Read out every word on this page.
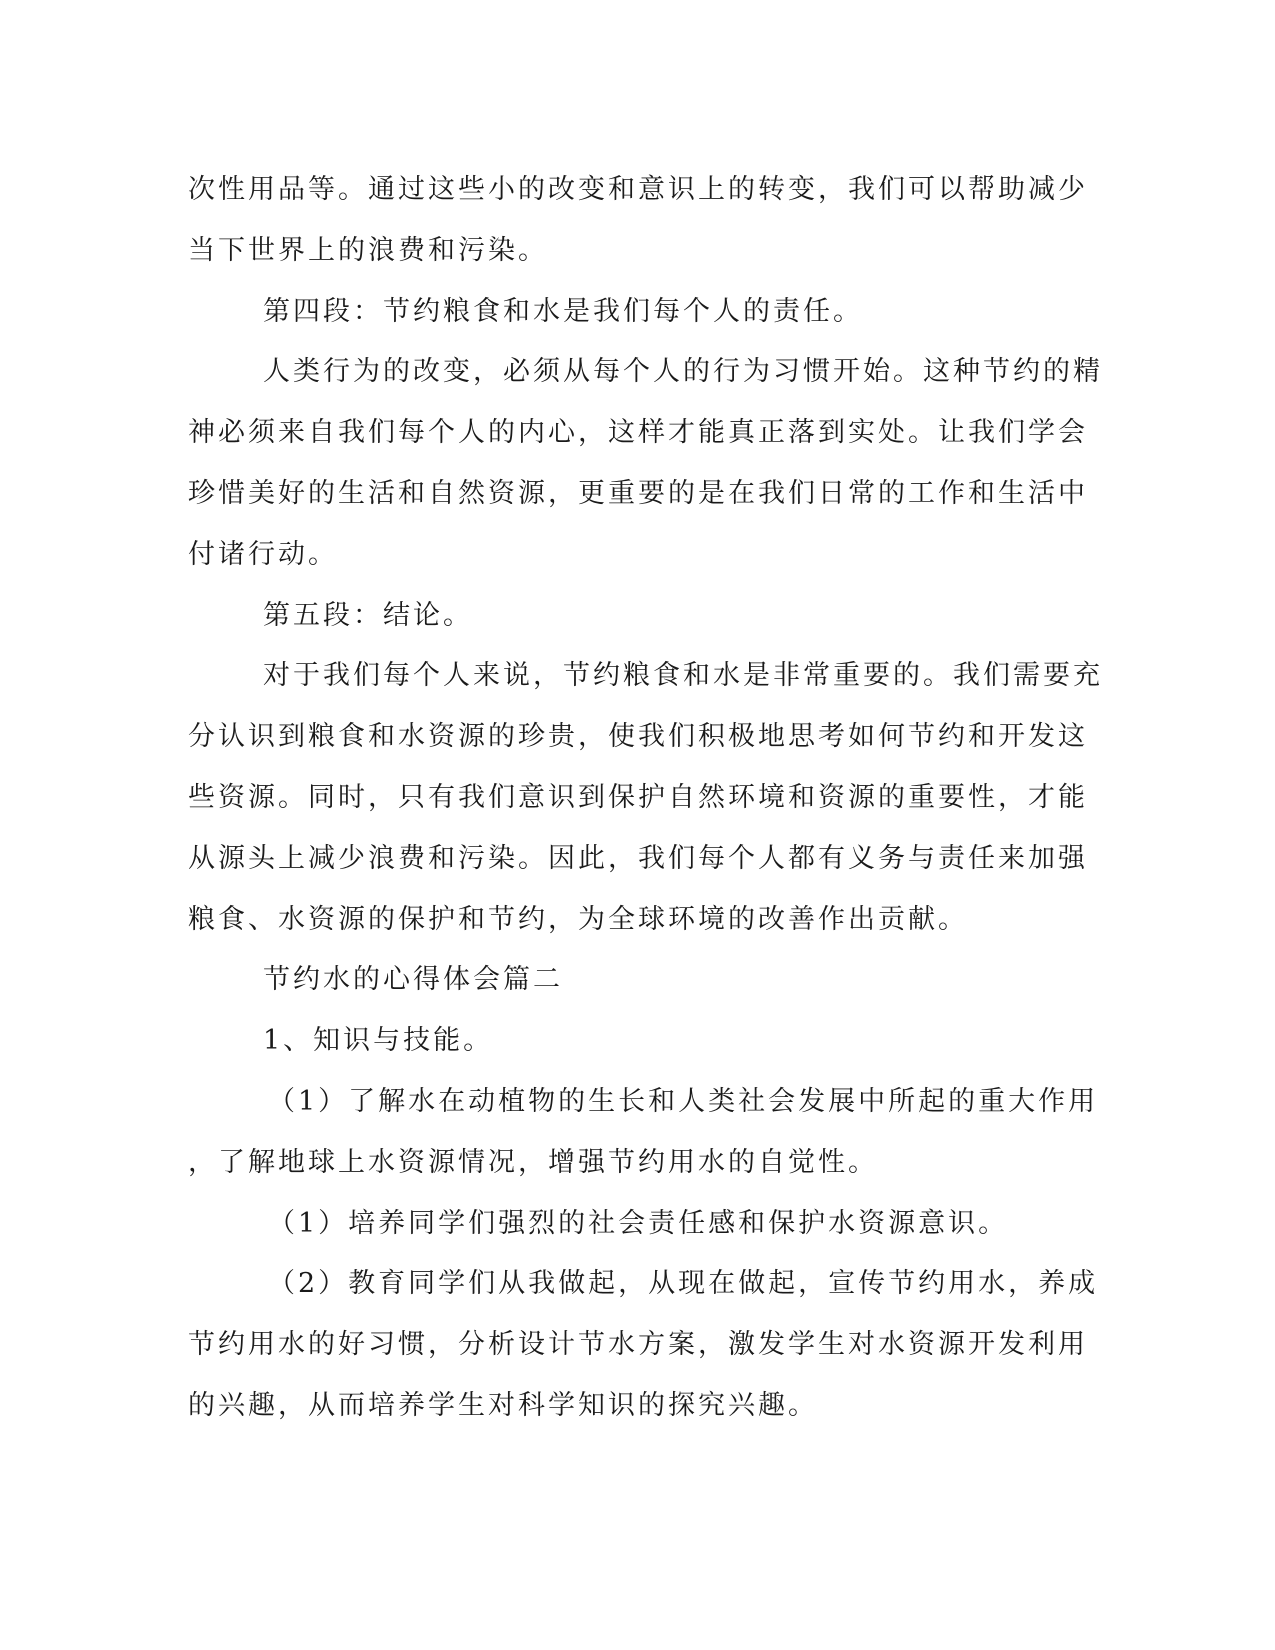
次性用品等。通过这些小的改变和意识上的转变，我们可以帮助减少
当下世界上的浪费和污染。

第四段：节约粮食和水是我们每个人的责任。

人类行为的改变，必须从每个人的行为习惯开始。这种节约的精
神必须来自我们每个人的内心，这样才能真正落到实处。让我们学会
珍惜美好的生活和自然资源，更重要的是在我们日常的工作和生活中
付诸行动。

第五段：结论。

对于我们每个人来说，节约粮食和水是非常重要的。我们需要充
分认识到粮食和水资源的珍贵，使我们积极地思考如何节约和开发这
些资源。同时，只有我们意识到保护自然环境和资源的重要性，才能
从源头上减少浪费和污染。因此，我们每个人都有义务与责任来加强
粮食、水资源的保护和节约，为全球环境的改善作出贡献。

节约水的心得体会篇二

1、知识与技能。

（1）了解水在动植物的生长和人类社会发展中所起的重大作用
，了解地球上水资源情况，增强节约用水的自觉性。

（1）培养同学们强烈的社会责任感和保护水资源意识。

（2）教育同学们从我做起，从现在做起，宣传节约用水，养成
节约用水的好习惯，分析设计节水方案，激发学生对水资源开发利用
的兴趣，从而培养学生对科学知识的探究兴趣。
